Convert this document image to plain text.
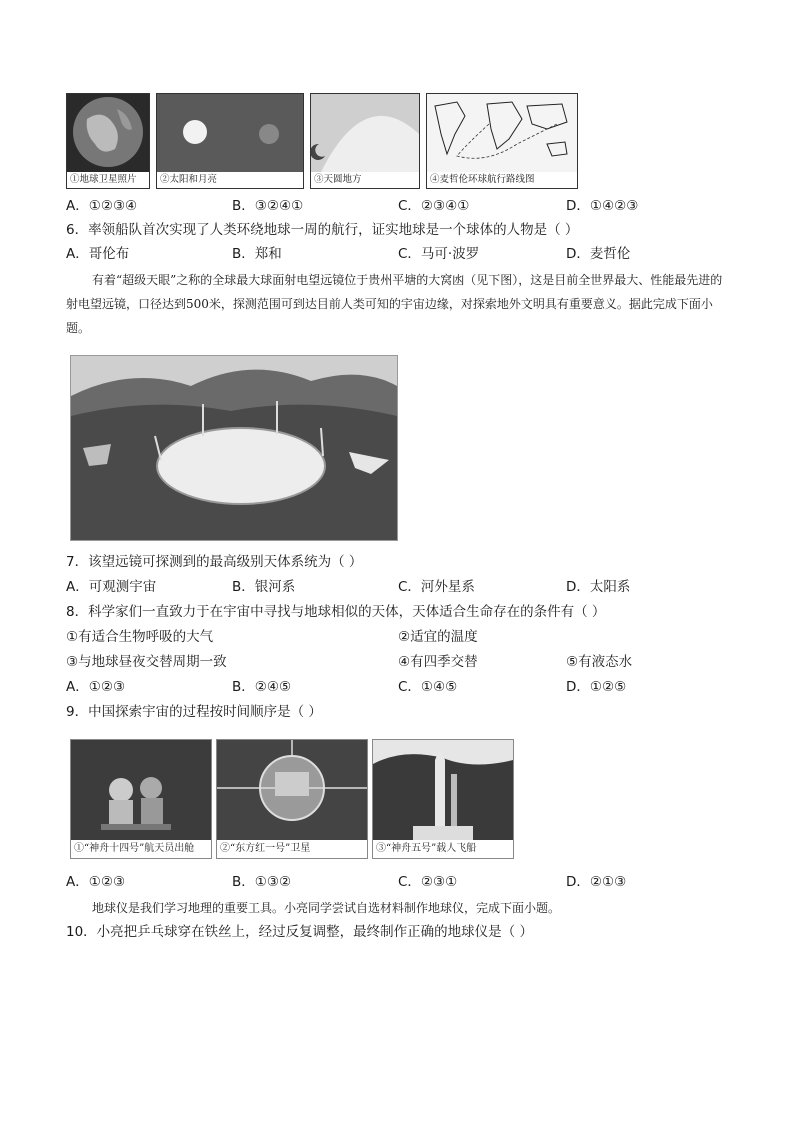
①地球卫星照片	②太阳和月亮	③天圆地方	④麦哲伦环球航行路线图
A．①②③④	B．③②④①	C．②③④①	D．①④②③
6．率领船队首次实现了人类环绕地球一周的航行，证实地球是一个球体的人物是（ ）
A．哥伦布	B．郑和	C．马可·波罗	D．麦哲伦
有着“超级天眼”之称的全球最大球面射电望远镜位于贵州平塘的大窝凼（见下图），这是目前全世界最大、性能最先进的射电望远镜，口径达到500米，探测范围可到达目前人类可知的宇宙边缘，对探索地外文明具有重要意义。据此完成下面小题。
7．该望远镜可探测到的最高级别天体系统为（ ）
A．可观测宇宙	B．银河系	C．河外星系	D．太阳系
8．科学家们一直致力于在宇宙中寻找与地球相似的天体，天体适合生命存在的条件有（ ）
①有适合生物呼吸的大气	②适宜的温度
③与地球昼夜交替周期一致	④有四季交替	⑤有液态水
A．①②③	B．②④⑤	C．①④⑤	D．①②⑤
9．中国探索宇宙的过程按时间顺序是（ ）
①“神舟十四号”航天员出舱	②“东方红一号”卫星	③“神舟五号”载人飞船
A．①②③	B．①③②	C．②③①	D．②①③
地球仪是我们学习地理的重要工具。小亮同学尝试自选材料制作地球仪，完成下面小题。
10．小亮把乒乓球穿在铁丝上，经过反复调整，最终制作正确的地球仪是（ ）
